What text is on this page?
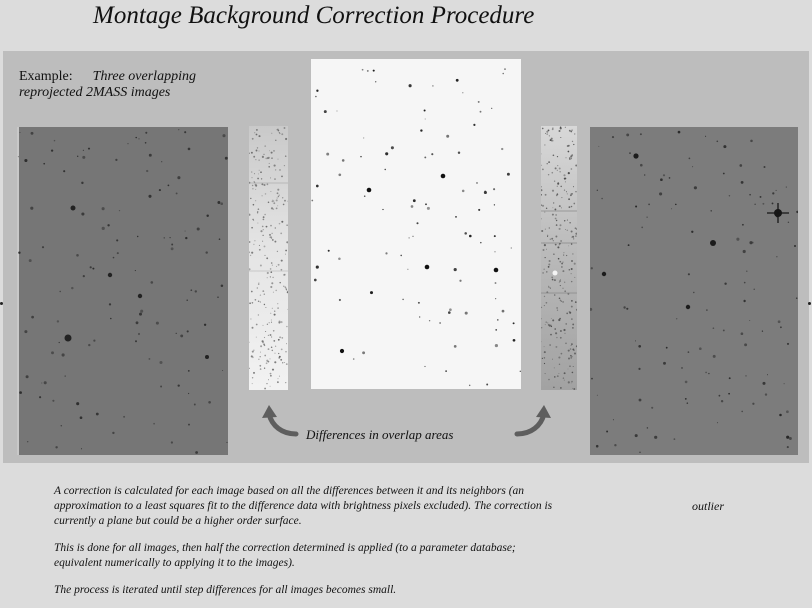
Montage Background Correction Procedure
Example: Three overlapping
reprojected 2MASS images
Differences in overlap areas

A correction is calculated for each image based on all the differences between it and its neighbors (an approximation to a least squares fit to the difference data with brightness pixels excluded). The correction is currently a plane but could be a higher order surface.

This is done for all images, then half the correction determined is applied (to a parameter database; equivalent numerically to applying it to the images).

The process is iterated until step differences for all images becomes small.

outlier
